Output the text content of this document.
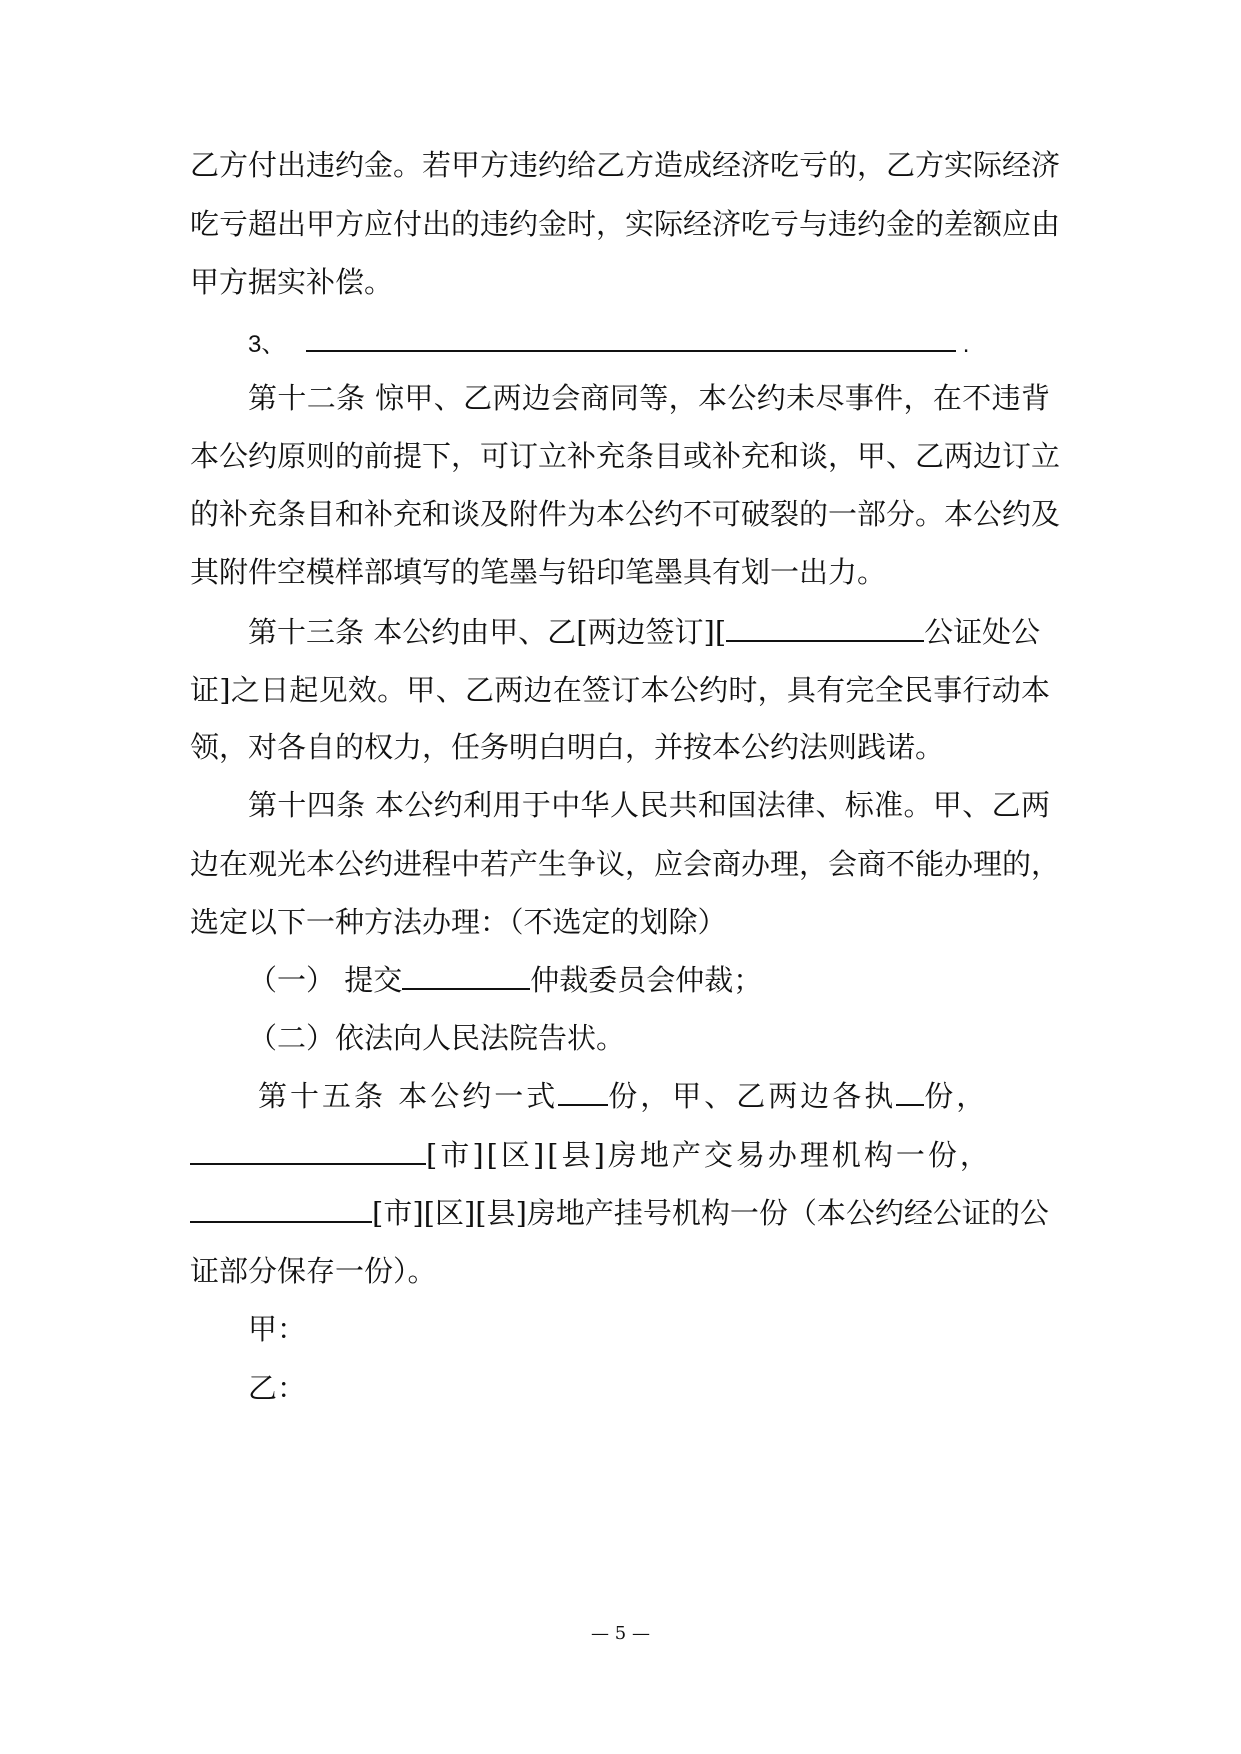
乙方付出违约金。若甲方违约给乙方造成经济吃亏的，乙方实际经济
吃亏超出甲方应付出的违约金时，实际经济吃亏与违约金的差额应由
甲方据实补偿。
3、	.
第十二条 惊甲、乙两边会商同等，本公约未尽事件，在不违背
本公约原则的前提下，可订立补充条目或补充和谈，甲、乙两边订立
的补充条目和补充和谈及附件为本公约不可破裂的一部分。本公约及
其附件空模样部填写的笔墨与铅印笔墨具有划一出力。
第十三条 本公约由甲、乙[两边签订][	公证处公
证]之日起见效。甲、乙两边在签订本公约时，具有完全民事行动本
领，对各自的权力，任务明白明白，并按本公约法则践诺。
第十四条 本公约利用于中华人民共和国法律、标准。甲、乙两
边在观光本公约进程中若产生争议，应会商办理，会商不能办理的，
选定以下一种方法办理：（不选定的划除）
（一） 提交	仲裁委员会仲裁；
（二）依法向人民法院告状。
第十五条 本公约一式 份，甲、乙两边各执 份，
[市][区][县]房地产交易办理机构一份，
[市][区][县]房地产挂号机构一份（本公约经公证的公
证部分保存一份）。
甲：
乙：
— 5 —
